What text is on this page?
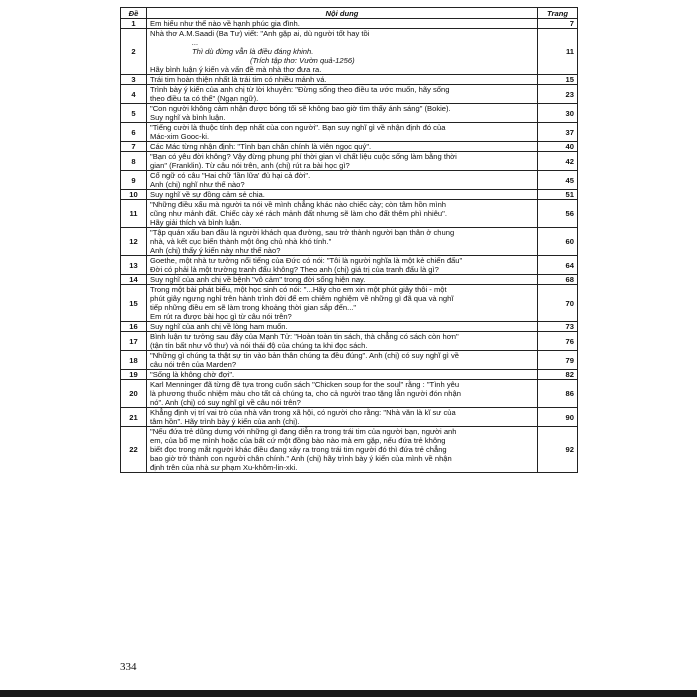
Đề	Nội dung	Trang
1	Em hiểu như thế nào về hạnh phúc gia đình.	7
2	Nhà thơ A.M.Saadi (Ba Tư) viết: "Anh gặp ai, dù người tốt hay tồi
...
Thì dù đừng vẫn là điều đáng khinh.
(Trích tập thơ: Vườn quả-1256)
Hãy bình luận ý kiến và vấn đề mà nhà thơ đưa ra.	11
3	Trái tim hoàn thiện nhất là trái tim có nhiều mảnh vá.	15
4	Trình bày ý kiến của anh chị từ lời khuyên: "Đừng sống theo điều ta ước muốn, hãy sống
theo điều ta có thể" (Ngạn ngữ).	23
5	"Con người không cảm nhận được bóng tối sẽ không bao giờ tìm thấy ánh sáng" (Bokie).
Suy nghĩ và bình luận.	30
6	"Tiếng cười là thuộc tính đẹp nhất của con người". Bạn suy nghĩ gì về nhận định đó của
Mác-xim Gooc-ki.	37
7	Các Mác từng nhận định: "Tình bạn chân chính là viên ngọc quý".	40
8	"Bạn có yêu đời không? Vậy đừng phung phí thời gian vì chất liệu cuộc sống làm bằng thời
gian" (Franklin). Từ câu nói trên, anh (chị) rút ra bài học gì?	42
9	Cổ ngữ có câu "Hai chữ 'lần lữa' đủ hại cả đời".
Anh (chị) nghĩ như thế nào?	45
10	Suy nghĩ về sự đồng cảm sẻ chia.	51
11	"Những điều xấu mà người ta nói về mình chẳng khác nào chiếc cày; còn tâm hồn mình
cũng như mảnh đất. Chiếc cày xé rách mảnh đất nhưng sẽ làm cho đất thêm phì nhiêu".
Hãy giải thích và bình luận.	56
12	"Tập quán xấu ban đầu là người khách qua đường, sau trở thành người bạn thân ở chung
nhà, và kết cục biến thành một ông chủ nhà khó tính."
Anh (chị) thấy ý kiến này như thế nào?	60
13	Goethe, một nhà tư tưởng nổi tiếng của Đức có nói: "Tôi là người nghĩa là một kẻ chiến đấu"
Đời có phải là một trường tranh đấu không? Theo anh (chị) giá trị của tranh đấu là gì?	64
14	Suy nghĩ của anh chị về bệnh "vô cảm" trong đời sống hiện nay.	68
15	Trong một bài phát biểu, một học sinh có nói: "...Hãy cho em xin một phút giây thôi - một
phút giây ngưng nghỉ trên hành trình đời để em chiêm nghiệm về những gì đã qua và nghĩ
tiếp những điều em sẽ làm trong khoảng thời gian sắp đến..."
Em rút ra được bài học gì từ câu nói trên?	70
16	Suy nghĩ của anh chị về lòng ham muốn.	73
17	Bình luận tư tưởng sau đây của Mạnh Tử: "Hoàn toàn tin sách, thà chẳng có sách còn hơn"
(tận tín bất như vô thư) và nói thái độ của chúng ta khi đọc sách.	76
18	"Những gì chúng ta thật sự tin vào bản thân chúng ta đều đúng". Anh (chị) có suy nghĩ gì về
câu nói trên của Marden?	79
19	"Sống là không chờ đợi".	82
20	Karl Menninger đã từng đề tựa trong cuốn sách "Chicken soup for the soul" rằng : "Tình yêu
là phương thuốc nhiệm màu cho tất cả chúng ta, cho cả người trao tặng lẫn người đón nhận
nó". Anh (chị) có suy nghĩ gì về câu nói trên?	86
21	Khẳng định vị trí vai trò của nhà văn trong xã hội, có người cho rằng: "Nhà văn là kĩ sư của
tâm hồn". Hãy trình bày ý kiến của anh (chị).	90
22	"Nếu đứa trẻ dũng dưng với những gì đang diễn ra trong trái tim của người bạn, người anh
em, của bố mẹ mình hoặc của bất cứ một đồng bào nào mà em gặp, nếu đứa trẻ không
biết đọc trong mắt người khác điều đang xảy ra trong trái tim người đó thì đứa trẻ chẳng
bao giờ trở thành con người chân chính." Anh (chị) hãy trình bày ý kiến của mình về nhận
định trên của nhà sư phạm Xu-khôm-lin-xki.	92
334
